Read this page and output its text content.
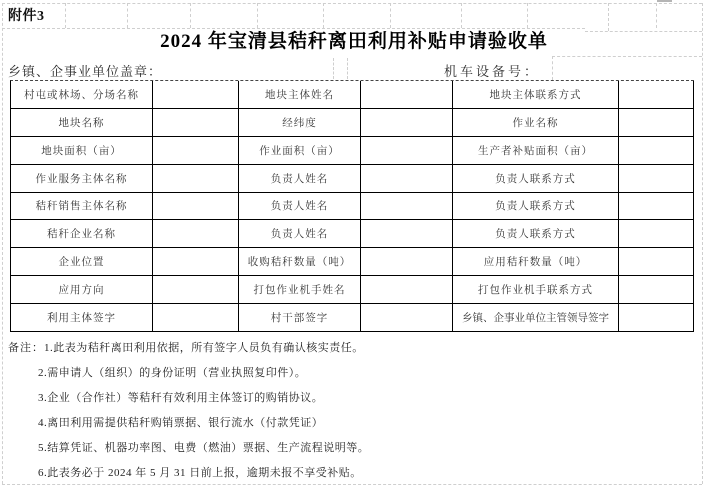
附件3
2024 年宝清县秸秆离田利用补贴申请验收单
乡镇、企事业单位盖章：	机车设备号：
村屯或林场、分场名称	地块主体姓名	地块主体联系方式
地块名称	经纬度	作业名称
地块面积（亩）	作业面积（亩）	生产者补贴面积（亩）
作业服务主体名称	负责人姓名	负责人联系方式
秸秆销售主体名称	负责人姓名	负责人联系方式
秸秆企业名称	负责人姓名	负责人联系方式
企业位置	收购秸秆数量（吨）	应用秸秆数量（吨）
应用方向	打包作业机手姓名	打包作业机手联系方式
利用主体签字	村干部签字	乡镇、企事业单位主管领导签字
备注：1.此表为秸秆离田利用依据，所有签字人员负有确认核实责任。
2.需申请人（组织）的身份证明（营业执照复印件）。
3.企业（合作社）等秸秆有效利用主体签订的购销协议。
4.离田利用需提供秸秆购销票据、银行流水（付款凭证）
5.结算凭证、机器功率图、电费（燃油）票据、生产流程说明等。
6.此表务必于 2024 年 5 月 31 日前上报，逾期未报不享受补贴。
